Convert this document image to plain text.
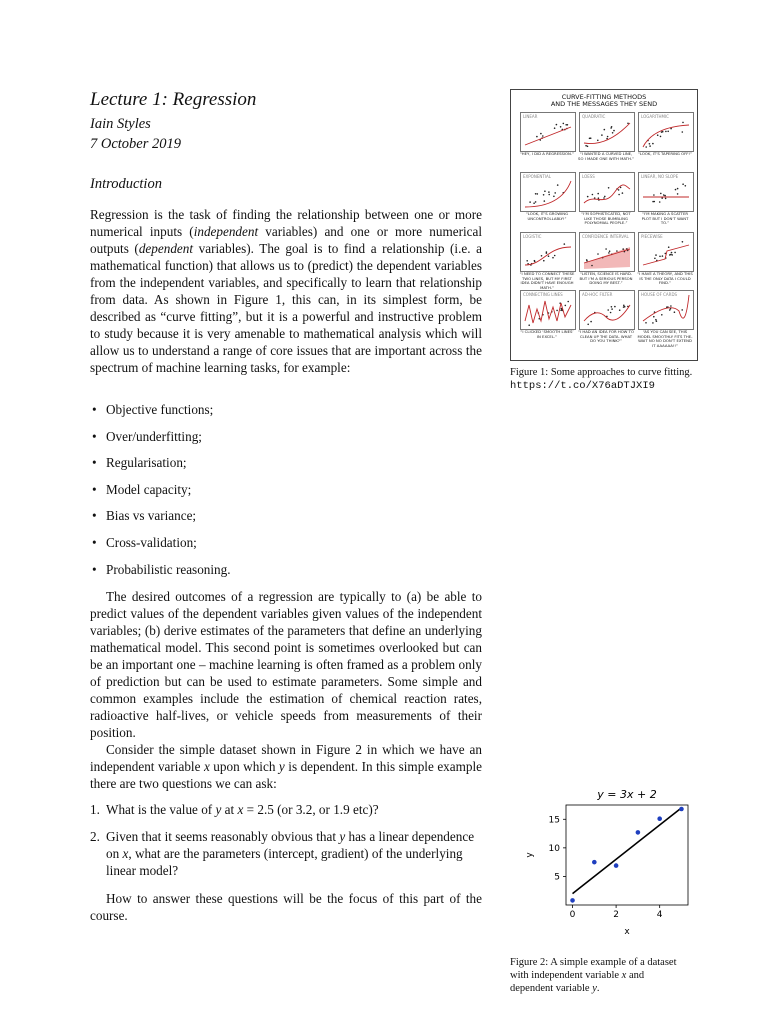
Lecture 1: Regression

Iain Styles

7 October 2019

Introduction

Regression is the task of finding the relationship between one or more numerical inputs (independent variables) and one or more numerical outputs (dependent variables). The goal is to find a relationship (i.e. a mathematical function) that allows us to (predict) the dependent variables from the independent variables, and specifically to learn that relationship from data. As shown in Figure 1, this can, in its simplest form, be described as “curve fitting”, but it is a powerful and instructive problem to study because it is very amenable to mathematical analysis which will allow us to understand a range of core issues that are important across the spectrum of machine learning tasks, for example:

• Objective functions;
• Over/underfitting;
• Regularisation;
• Model capacity;
• Bias vs variance;
• Cross-validation;
• Probabilistic reasoning.

The desired outcomes of a regression are typically to (a) be able to predict values of the dependent variables given values of the independent variables; (b) derive estimates of the parameters that define an underlying mathematical model. This second point is sometimes overlooked but can be an important one – machine learning is often framed as a problem only of prediction but can be used to estimate parameters. Some simple and common examples include the estimation of chemical reaction rates, radioactive half-lives, or vehicle speeds from measurements of their position.

Consider the simple dataset shown in Figure 2 in which we have an independent variable x upon which y is dependent. In this simple example there are two questions we can ask:

1. What is the value of y at x = 2.5 (or 3.2, or 1.9 etc)?
2. Given that it seems reasonably obvious that y has a linear dependence on x, what are the parameters (intercept, gradient) of the underlying linear model?

How to answer these questions will be the focus of this part of the course.

CURVE-FITTING METHODS
AND THE MESSAGES THEY SEND
LINEAR
“HEY, I DID A REGRESSION.”
QUADRATIC
“I WANTED A CURVED LINE, SO I MADE ONE WITH MATH.”
LOGARITHMIC
“LOOK, IT’S TAPERING OFF!”
EXPONENTIAL
“LOOK, IT’S GROWING UNCONTROLLABLY!”
LOESS
“I’M SOPHISTICATED, NOT LIKE THOSE BUMBLING POLYNOMIAL PEOPLE.”
LINEAR, NO SLOPE
“I’M MAKING A SCATTER PLOT BUT I DON’T WANT TO.”
LOGISTIC
“I NEED TO CONNECT THESE TWO LINES, BUT MY FIRST IDEA DIDN’T HAVE ENOUGH MATH.”
CONFIDENCE INTERVAL
“LISTEN, SCIENCE IS HARD. BUT I’M A SERIOUS PERSON DOING MY BEST.”
PIECEWISE
“I HAVE A THEORY, AND THIS IS THE ONLY DATA I COULD FIND.”
CONNECTING LINES
“I CLICKED ‘SMOOTH LINES’ IN EXCEL.”
AD-HOC FILTER
“I HAD AN IDEA FOR HOW TO CLEAN UP THE DATA. WHAT DO YOU THINK?”
HOUSE OF CARDS
“AS YOU CAN SEE, THIS MODEL SMOOTHLY FITS THE- WAIT NO NO DON’T EXTEND IT AAAAAA!!”
Figure 1: Some approaches to curve fitting. https://t.co/X76aDTJXI9
y = 3x + 2
0	2	4
5
10
15
x
y
Figure 2: A simple example of a dataset with independent variable x and dependent variable y.
